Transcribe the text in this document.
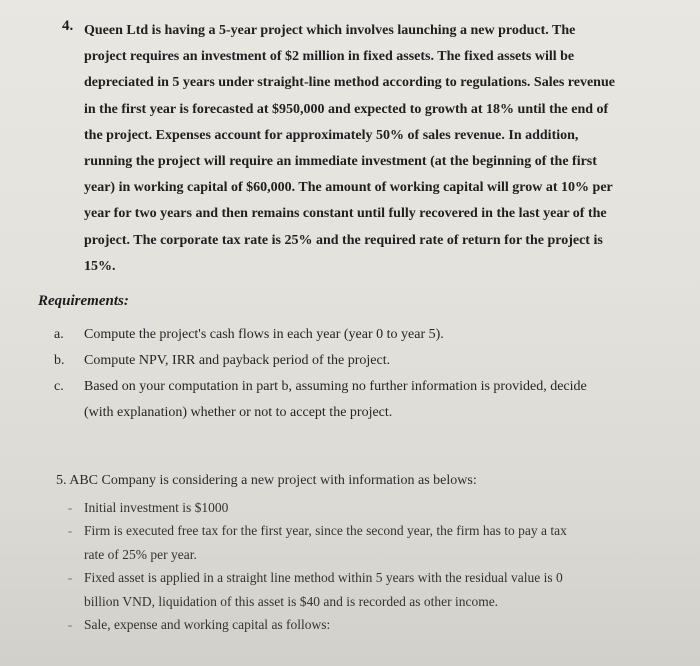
4. Queen Ltd is having a 5-year project which involves launching a new product. The
project requires an investment of $2 million in fixed assets. The fixed assets will be
depreciated in 5 years under straight-line method according to regulations. Sales revenue
in the first year is forecasted at $950,000 and expected to growth at 18% until the end of
the project. Expenses account for approximately 50% of sales revenue. In addition,
running the project will require an immediate investment (at the beginning of the first
year) in working capital of $60,000. The amount of working capital will grow at 10% per
year for two years and then remains constant until fully recovered in the last year of the
project. The corporate tax rate is 25% and the required rate of return for the project is
15%.
Requirements:
a.	Compute the project's cash flows in each year (year 0 to year 5).
b.	Compute NPV, IRR and payback period of the project.
c.	Based on your computation in part b, assuming no further information is provided, decide
(with explanation) whether or not to accept the project.
5. ABC Company is considering a new project with information as belows:
- Initial investment is $1000
- Firm is executed free tax for the first year, since the second year, the firm has to pay a tax
rate of 25% per year.
- Fixed asset is applied in a straight line method within 5 years with the residual value is 0
billion VND, liquidation of this asset is $40 and is recorded as other income.
- Sale, expense and working capital as follows:
